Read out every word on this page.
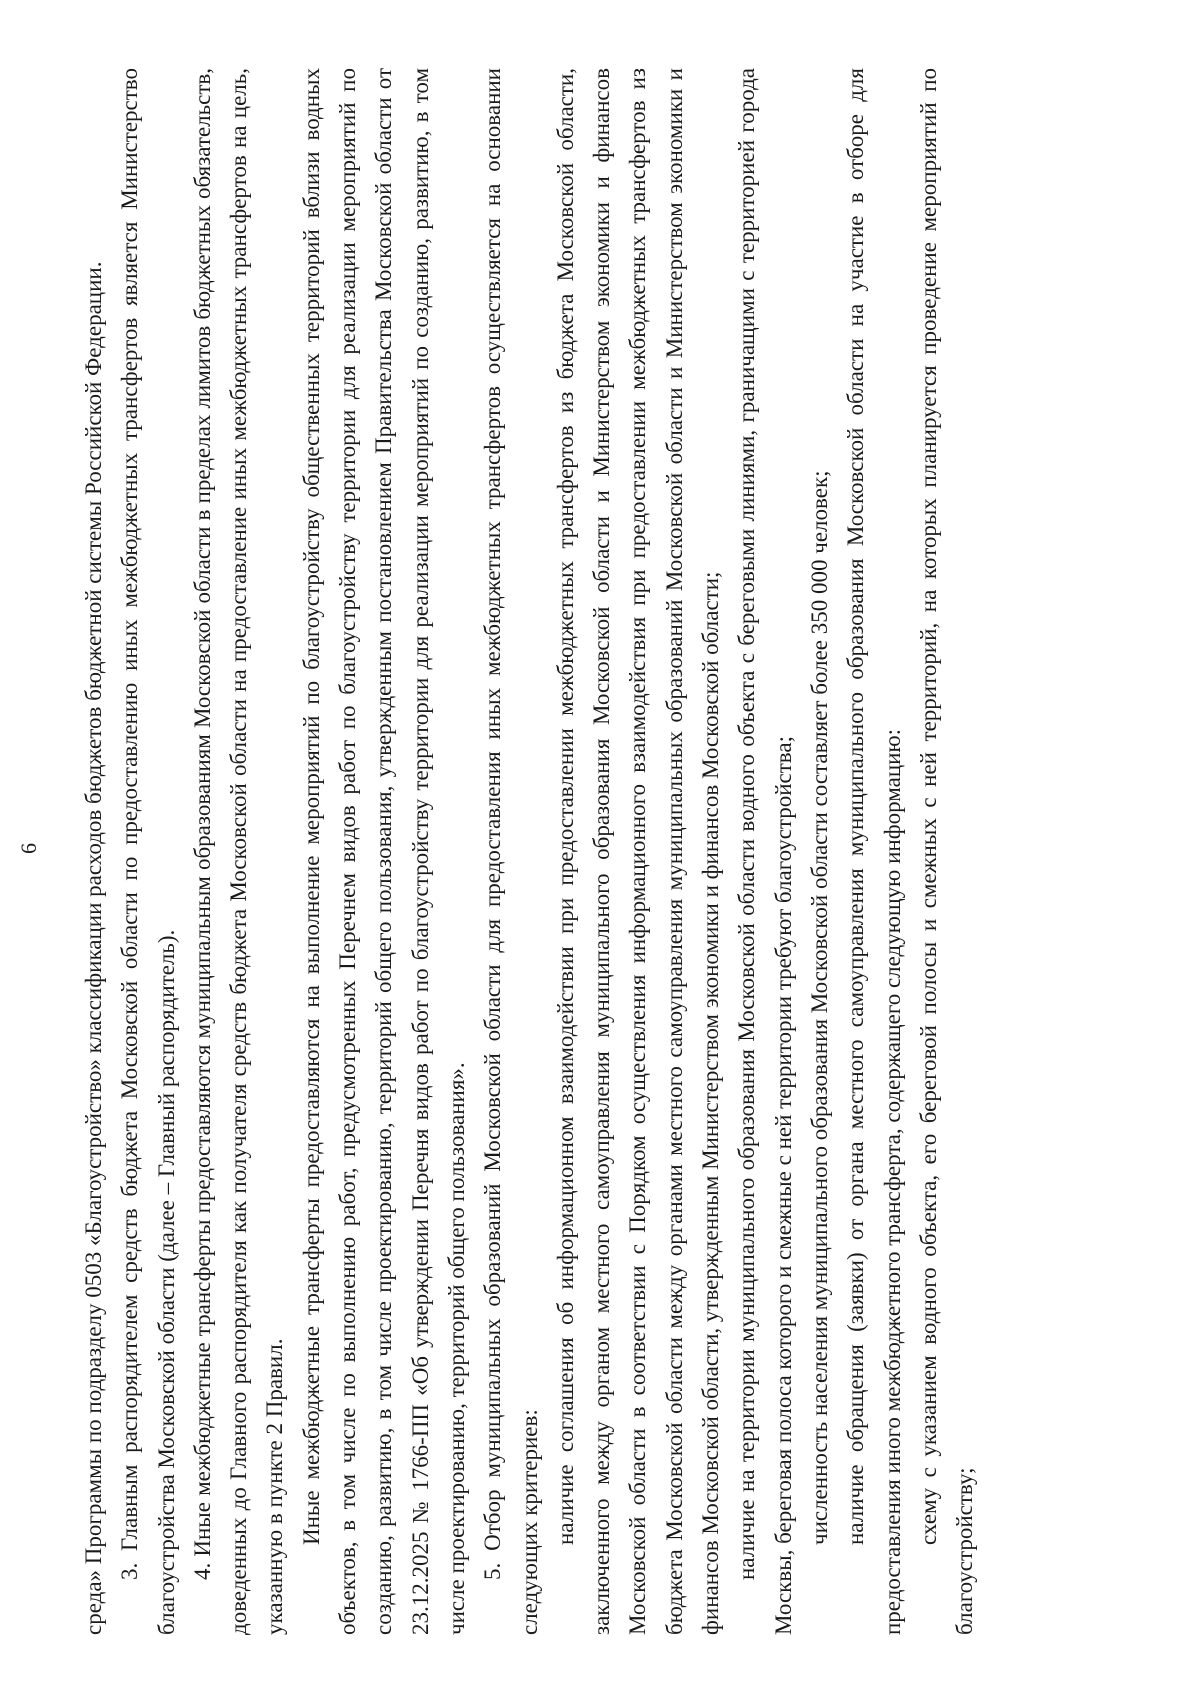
6 среда» Программы по подразделу 0503 «Благоустройство» классификации расходов бюджетов бюджетной системы Российской Федерации. 3. Главным распорядителем средств бюджета Московской области по предоставлению иных межбюджетных трансфертов является Министерство благоустройства Московской области (далее – Главный распорядитель). 4. Иные межбюджетные трансферты предоставляются муниципальным образованиям Московской области в пределах лимитов бюджетных обязательств, доведенных до Главного распорядителя как получателя средств бюджета Московской области на предоставление иных межбюджетных трансфертов на цель, указанную в пункте 2 Правил. Иные межбюджетные трансферты предоставляются на выполнение мероприятий по благоустройству общественных территорий вблизи водных объектов, в том числе по выполнению работ, предусмотренных Перечнем видов работ по благоустройству территории для реализации мероприятий по созданию, развитию, в том числе проектированию, территорий общего пользования, утвержденным постановлением Правительства Московской области от 23.12.2025 № 1766-ПП «Об утверждении Перечня видов работ по благоустройству территории для реализации мероприятий по созданию, развитию, в том числе проектированию, территорий общего пользования». 5. Отбор муниципальных образований Московской области для предоставления иных межбюджетных трансфертов осуществляется на основании следующих критериев: наличие соглашения об информационном взаимодействии при предоставлении межбюджетных трансфертов из бюджета Московской области, заключенного между органом местного самоуправления муниципального образования Московской области и Министерством экономики и финансов Московской области в соответствии с Порядком осуществления информационного взаимодействия при предоставлении межбюджетных трансфертов из бюджета Московской области между органами местного самоуправления муниципальных образований Московской области и Министерством экономики и финансов Московской области, утвержденным Министерством экономики и финансов Московской области; наличие на территории муниципального образования Московской области водного объекта с береговыми линиями, граничащими с территорией города Москвы, береговая полоса которого и смежные с ней территории требуют благоустройства; численность населения муниципального образования Московской области составляет более 350 000 человек; наличие обращения (заявки) от органа местного самоуправления муниципального образования Московской области на участие в отборе для предоставления иного межбюджетного трансферта, содержащего следующую информацию: схему с указанием водного объекта, его береговой полосы и смежных с ней территорий, на которых планируется проведение мероприятий по благоустройству;
